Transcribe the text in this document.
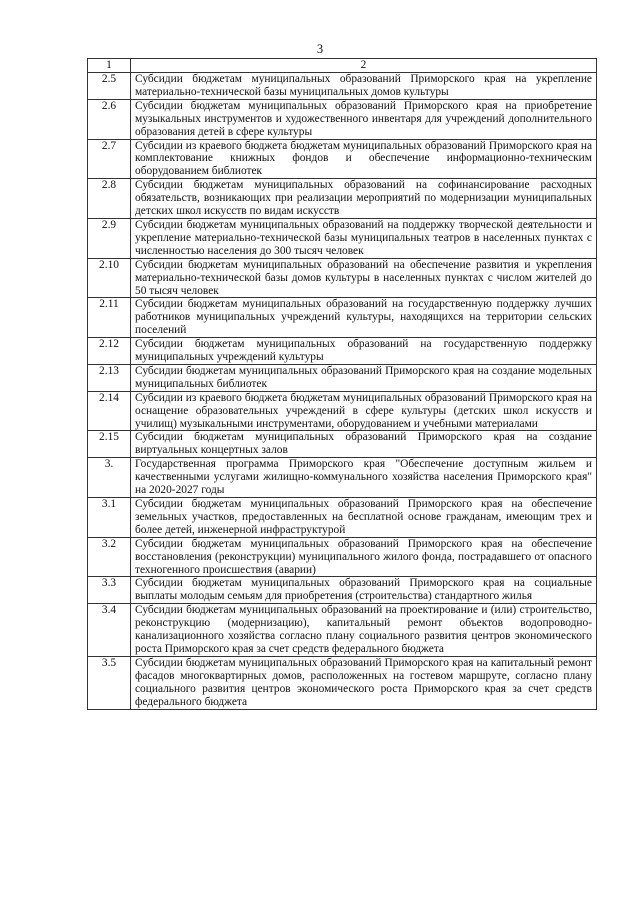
3
1	2
2.5	Субсидии бюджетам муниципальных образований Приморского края на укрепление материально-технической базы муниципальных домов культуры
2.6	Субсидии бюджетам муниципальных образований Приморского края на приобретение музыкальных инструментов и художественного инвентаря для учреждений дополнительного образования детей в сфере культуры
2.7	Субсидии из краевого бюджета бюджетам муниципальных образований Приморского края на комплектование книжных фондов и обеспечение информационно-техническим оборудованием библиотек
2.8	Субсидии бюджетам муниципальных образований на софинансирование расходных обязательств, возникающих при реализации мероприятий по модернизации муниципальных детских школ искусств по видам искусств
2.9	Субсидии бюджетам муниципальных образований на поддержку творческой деятельности и укрепление материально-технической базы муниципальных театров в населенных пунктах с численностью населения до 300 тысяч человек
2.10	Субсидии бюджетам муниципальных образований на обеспечение развития и укрепления материально-технической базы домов культуры в населенных пунктах с числом жителей до 50 тысяч человек
2.11	Субсидии бюджетам муниципальных образований на государственную поддержку лучших работников муниципальных учреждений культуры, находящихся на территории сельских поселений
2.12	Субсидии бюджетам муниципальных образований на государственную поддержку муниципальных учреждений культуры
2.13	Субсидии бюджетам муниципальных образований Приморского края на создание модельных муниципальных библиотек
2.14	Субсидии из краевого бюджета бюджетам муниципальных образований Приморского края на оснащение образовательных учреждений в сфере культуры (детских школ искусств и училищ) музыкальными инструментами, оборудованием и учебными материалами
2.15	Субсидии бюджетам муниципальных образований Приморского края на создание виртуальных концертных залов
3.	Государственная программа Приморского края "Обеспечение доступным жильем и качественными услугами жилищно-коммунального хозяйства населения Приморского края" на 2020-2027 годы
3.1	Субсидии бюджетам муниципальных образований Приморского края на обеспечение земельных участков, предоставленных на бесплатной основе гражданам, имеющим трех и более детей, инженерной инфраструктурой
3.2	Субсидии бюджетам муниципальных образований Приморского края на обеспечение восстановления (реконструкции) муниципального жилого фонда, пострадавшего от опасного техногенного происшествия (аварии)
3.3	Субсидии бюджетам муниципальных образований Приморского края на социальные выплаты молодым семьям для приобретения (строительства) стандартного жилья
3.4	Субсидии бюджетам муниципальных образований на проектирование и (или) строительство, реконструкцию (модернизацию), капитальный ремонт объектов водопроводно-канализационного хозяйства согласно плану социального развития центров экономического роста Приморского края за счет средств федерального бюджета
3.5	Субсидии бюджетам муниципальных образований Приморского края на капитальный ремонт фасадов многоквартирных домов, расположенных на гостевом маршруте, согласно плану социального развития центров экономического роста Приморского края за счет средств федерального бюджета
